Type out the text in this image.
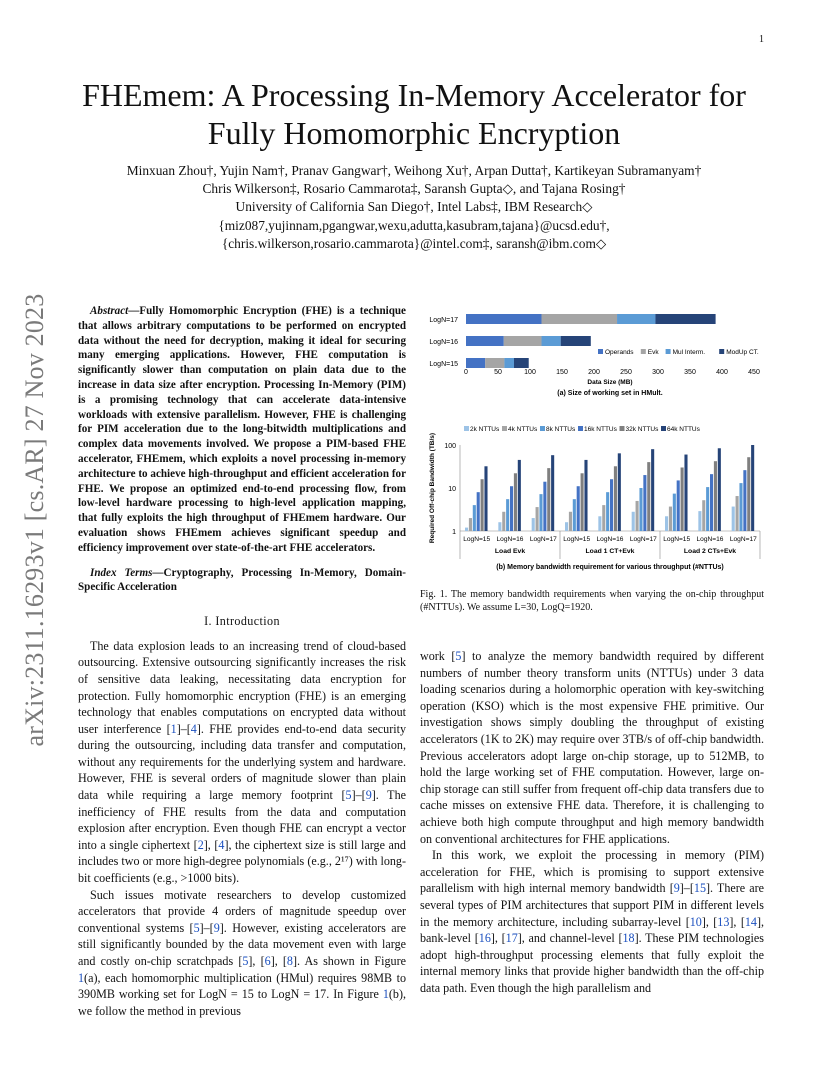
1
arXiv:2311.16293v1 [cs.AR] 27 Nov 2023
FHEmem: A Processing In-Memory Accelerator for
Fully Homomorphic Encryption
Minxuan Zhou†, Yujin Nam†, Pranav Gangwar†, Weihong Xu†, Arpan Dutta†, Kartikeyan Subramanyam†
Chris Wilkerson‡, Rosario Cammarota‡, Saransh Gupta◇, and Tajana Rosing†
University of California San Diego†, Intel Labs‡, IBM Research◇
{miz087,yujinnam,pgangwar,wexu,adutta,kasubram,tajana}@ucsd.edu†,
{chris.wilkerson,rosario.cammarota}@intel.com‡, saransh@ibm.com◇

Abstract—Fully Homomorphic Encryption (FHE) is a technique that allows arbitrary computations to be performed on encrypted data without the need for decryption, making it ideal for securing many emerging applications. However, FHE computation is significantly slower than computation on plain data due to the increase in data size after encryption. Processing In-Memory (PIM) is a promising technology that can accelerate data-intensive workloads with extensive parallelism. However, FHE is challenging for PIM acceleration due to the long-bitwidth multiplications and complex data movements involved. We propose a PIM-based FHE accelerator, FHEmem, which exploits a novel processing in-memory architecture to achieve high-throughput and efficient acceleration for FHE. We propose an optimized end-to-end processing flow, from low-level hardware processing to high-level application mapping, that fully exploits the high throughput of FHEmem hardware. Our evaluation shows FHEmem achieves significant speedup and efficiency improvement over state-of-the-art FHE accelerators.

Index Terms—Cryptography, Processing In-Memory, Domain-Specific Acceleration

I. Introduction

The data explosion leads to an increasing trend of cloud-based outsourcing. Extensive outsourcing significantly increases the risk of sensitive data leaking, necessitating data encryption for protection. Fully homomorphic encryption (FHE) is an emerging technology that enables computations on encrypted data without user interference [1]–[4]. FHE provides end-to-end data security during the outsourcing, including data transfer and computation, without any requirements for the underlying system and hardware. However, FHE is several orders of magnitude slower than plain data while requiring a large memory footprint [5]–[9]. The inefficiency of FHE results from the data and computation explosion after encryption. Even though FHE can encrypt a vector into a single ciphertext [2], [4], the ciphertext size is still large and includes two or more high-degree polynomials (e.g., 2¹⁷) with long-bit coefficients (e.g., >1000 bits).

Such issues motivate researchers to develop customized accelerators that provide 4 orders of magnitude speedup over conventional systems [5]–[9]. However, existing accelerators are still significantly bounded by the data movement even with large and costly on-chip scratchpads [5], [6], [8]. As shown in Figure 1(a), each homomorphic multiplication (HMul) requires 98MB to 390MB working set for LogN = 15 to LogN = 17. In Figure 1(b), we follow the method in previous

LogN=17
LogN=16
LogN=15
Operands Evk Mul Interm.	ModUp CT.
0	50	100	150	200	250	300	350	400	450
Data Size (MB)
(a) Size of working set in HMult.

2k NTTUs 4k NTTUs 8k NTTUs 16k NTTUs 32k NTTUs 64k NTTUs
1
10
100
Required Off-chip Bandwidth (TB/s)	LogN=15 LogN=16 LogN=17 LogN=15 LogN=16 LogN=17 LogN=15 LogN=16 LogN=17
Load Evk	Load 1 CT+Evk	Load 2 CTs+Evk
(b) Memory bandwidth requirement for various throughput (#NTTUs)
Fig. 1. The memory bandwidth requirements when varying the on-chip throughput (#NTTUs). We assume L=30, LogQ=1920.

work [5] to analyze the memory bandwidth required by different numbers of number theory transform units (NTTUs) under 3 data loading scenarios during a holomorphic operation with key-switching operation (KSO) which is the most expensive FHE primitive. Our investigation shows simply doubling the throughput of existing accelerators (1K to 2K) may require over 3TB/s of off-chip bandwidth. Previous accelerators adopt large on-chip storage, up to 512MB, to hold the large working set of FHE computation. However, large on-chip storage can still suffer from frequent off-chip data transfers due to cache misses on extensive FHE data. Therefore, it is challenging to achieve both high compute throughput and high memory bandwidth on conventional architectures for FHE applications.

In this work, we exploit the processing in memory (PIM) acceleration for FHE, which is promising to support extensive parallelism with high internal memory bandwidth [9]–[15]. There are several types of PIM architectures that support PIM in different levels in the memory architecture, including subarray-level [10], [13], [14], bank-level [16], [17], and channel-level [18]. These PIM technologies adopt high-throughput processing elements that fully exploit the internal memory links that provide higher bandwidth than the off-chip data path. Even though the high parallelism and
